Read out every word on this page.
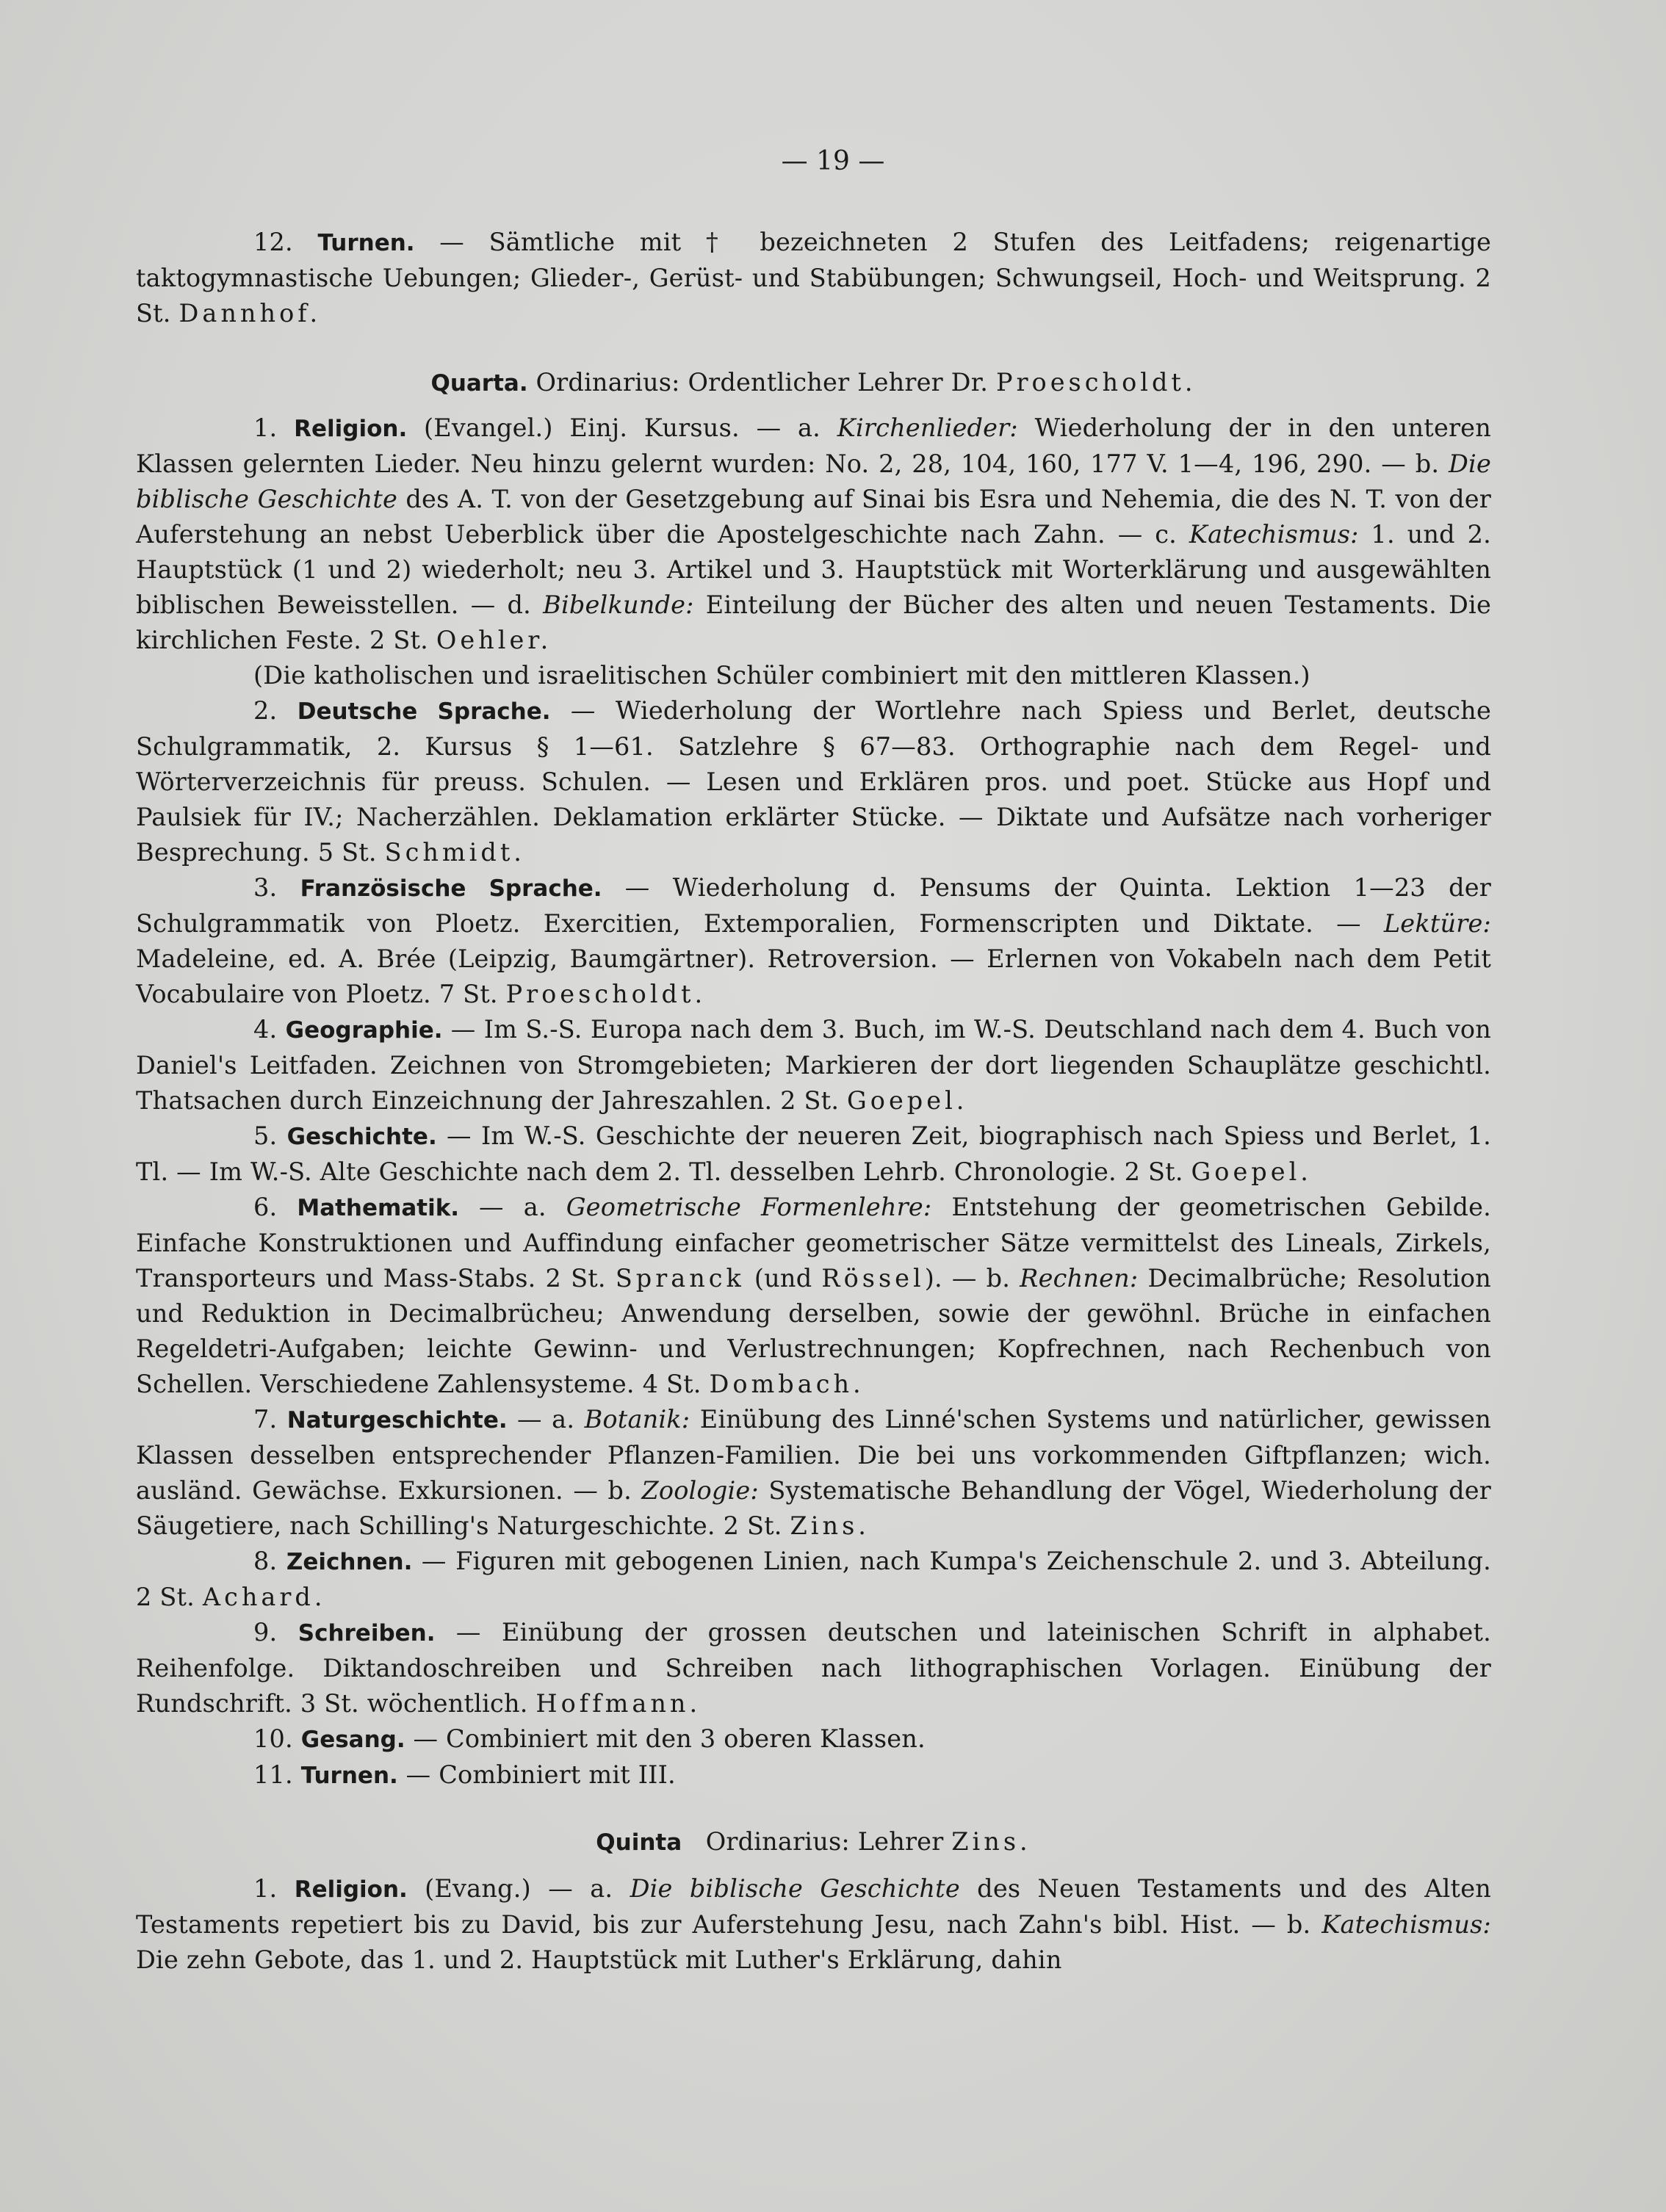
— 19 —

12. Turnen. — Sämtliche mit † bezeichneten 2 Stufen des Leitfadens; reigenartige taktogymnastische Uebungen; Glieder-, Gerüst- und Stabübungen; Schwungseil, Hoch- und Weitsprung. 2 St. Dannhof.

Quarta. Ordinarius: Ordentlicher Lehrer Dr. Proescholdt.

1. Religion. (Evangel.) Einj. Kursus. — a. Kirchenlieder: Wiederholung der in den unteren Klassen gelernten Lieder. Neu hinzu gelernt wurden: No. 2, 28, 104, 160, 177 V. 1—4, 196, 290. — b. Die biblische Geschichte des A. T. von der Gesetzgebung auf Sinai bis Esra und Nehemia, die des N. T. von der Auferstehung an nebst Ueberblick über die Apostelgeschichte nach Zahn. — c. Katechismus: 1. und 2. Hauptstück (1 und 2) wiederholt; neu 3. Artikel und 3. Hauptstück mit Worterklärung und ausgewählten biblischen Beweisstellen. — d. Bibelkunde: Einteilung der Bücher des alten und neuen Testaments. Die kirchlichen Feste. 2 St. Oehler.

(Die katholischen und israelitischen Schüler combiniert mit den mittleren Klassen.)

2. Deutsche Sprache. — Wiederholung der Wortlehre nach Spiess und Berlet, deutsche Schulgrammatik, 2. Kursus § 1—61. Satzlehre § 67—83. Orthographie nach dem Regel- und Wörterverzeichnis für preuss. Schulen. — Lesen und Erklären pros. und poet. Stücke aus Hopf und Paulsiek für IV.; Nacherzählen. Deklamation erklärter Stücke. — Diktate und Aufsätze nach vorheriger Besprechung. 5 St. Schmidt.

3. Französische Sprache. — Wiederholung d. Pensums der Quinta. Lektion 1—23 der Schulgrammatik von Ploetz. Exercitien, Extemporalien, Formenscripten und Diktate. — Lektüre: Madeleine, ed. A. Brée (Leipzig, Baumgärtner). Retroversion. — Erlernen von Vokabeln nach dem Petit Vocabulaire von Ploetz. 7 St. Proescholdt.

4. Geographie. — Im S.-S. Europa nach dem 3. Buch, im W.-S. Deutschland nach dem 4. Buch von Daniel's Leitfaden. Zeichnen von Stromgebieten; Markieren der dort liegenden Schauplätze geschichtl. Thatsachen durch Einzeichnung der Jahreszahlen. 2 St. Goepel.

5. Geschichte. — Im W.-S. Geschichte der neueren Zeit, biographisch nach Spiess und Berlet, 1. Tl. — Im W.-S. Alte Geschichte nach dem 2. Tl. desselben Lehrb. Chronologie. 2 St. Goepel.

6. Mathematik. — a. Geometrische Formenlehre: Entstehung der geometrischen Gebilde. Einfache Konstruktionen und Auffindung einfacher geometrischer Sätze vermittelst des Lineals, Zirkels, Transporteurs und Mass-Stabs. 2 St. Spranck (und Rössel). — b. Rechnen: Decimalbrüche; Resolution und Reduktion in Decimalbrücheu; Anwendung derselben, sowie der gewöhnl. Brüche in einfachen Regeldetri-Aufgaben; leichte Gewinn- und Verlustrechnungen; Kopfrechnen, nach Rechenbuch von Schellen. Verschiedene Zahlensysteme. 4 St. Dombach.

7. Naturgeschichte. — a. Botanik: Einübung des Linné'schen Systems und natürlicher, gewissen Klassen desselben entsprechender Pflanzen-Familien. Die bei uns vorkommenden Giftpflanzen; wich. ausländ. Gewächse. Exkursionen. — b. Zoologie: Systematische Behandlung der Vögel, Wiederholung der Säugetiere, nach Schilling's Naturgeschichte. 2 St. Zins.

8. Zeichnen. — Figuren mit gebogenen Linien, nach Kumpa's Zeichenschule 2. und 3. Abteilung. 2 St. Achard.

9. Schreiben. — Einübung der grossen deutschen und lateinischen Schrift in alphabet. Reihenfolge. Diktandoschreiben und Schreiben nach lithographischen Vorlagen. Einübung der Rundschrift. 3 St. wöchentlich. Hoffmann.

10. Gesang. — Combiniert mit den 3 oberen Klassen.

11. Turnen. — Combiniert mit III.

Quinta Ordinarius: Lehrer Zins.

1. Religion. (Evang.) — a. Die biblische Geschichte des Neuen Testaments und des Alten Testaments repetiert bis zu David, bis zur Auferstehung Jesu, nach Zahn's bibl. Hist. — b. Katechismus: Die zehn Gebote, das 1. und 2. Hauptstück mit Luther's Erklärung, dahin
